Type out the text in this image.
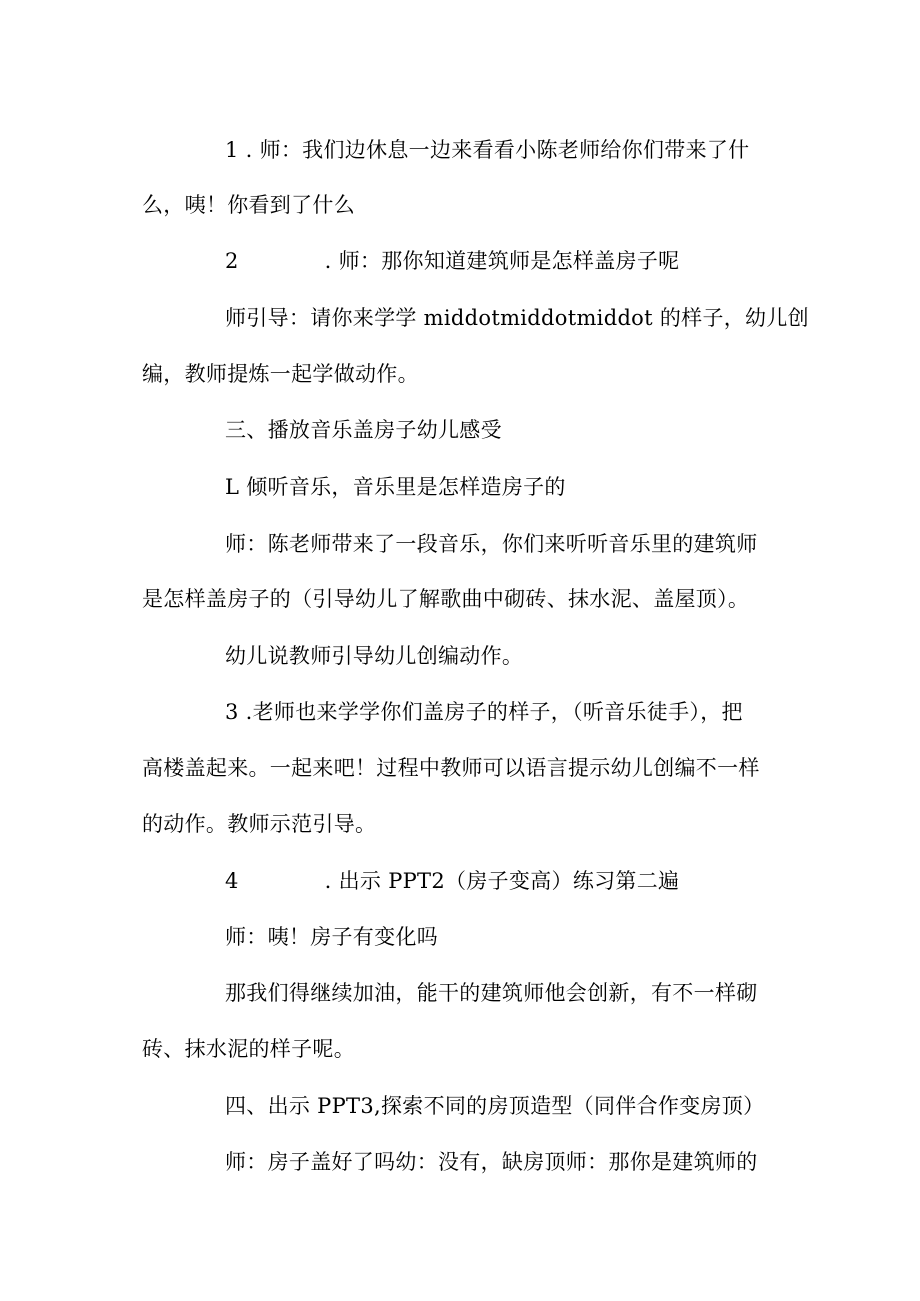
1 . 师：我们边休息一边来看看小陈老师给你们带来了什
么，咦！你看到了什么
2	. 师：那你知道建筑师是怎样盖房子呢
师引导：请你来学学 middotmiddotmiddot 的样子，幼儿创
编，教师提炼一起学做动作。
三、播放音乐盖房子幼儿感受
L 倾听音乐，音乐里是怎样造房子的
师：陈老师带来了一段音乐，你们来听听音乐里的建筑师
是怎样盖房子的（引导幼儿了解歌曲中砌砖、抹水泥、盖屋顶）。
幼儿说教师引导幼儿创编动作。
3 .老师也来学学你们盖房子的样子，（听音乐徒手），把
高楼盖起来。一起来吧！过程中教师可以语言提示幼儿创编不一样
的动作。教师示范引导。
4	. 出示 PPT2（房子变高）练习第二遍
师：咦！房子有变化吗
那我们得继续加油，能干的建筑师他会创新，有不一样砌
砖、抹水泥的样子呢。
四、出示 PPT3,探索不同的房顶造型（同伴合作变房顶）
师：房子盖好了吗幼：没有，缺房顶师：那你是建筑师的
